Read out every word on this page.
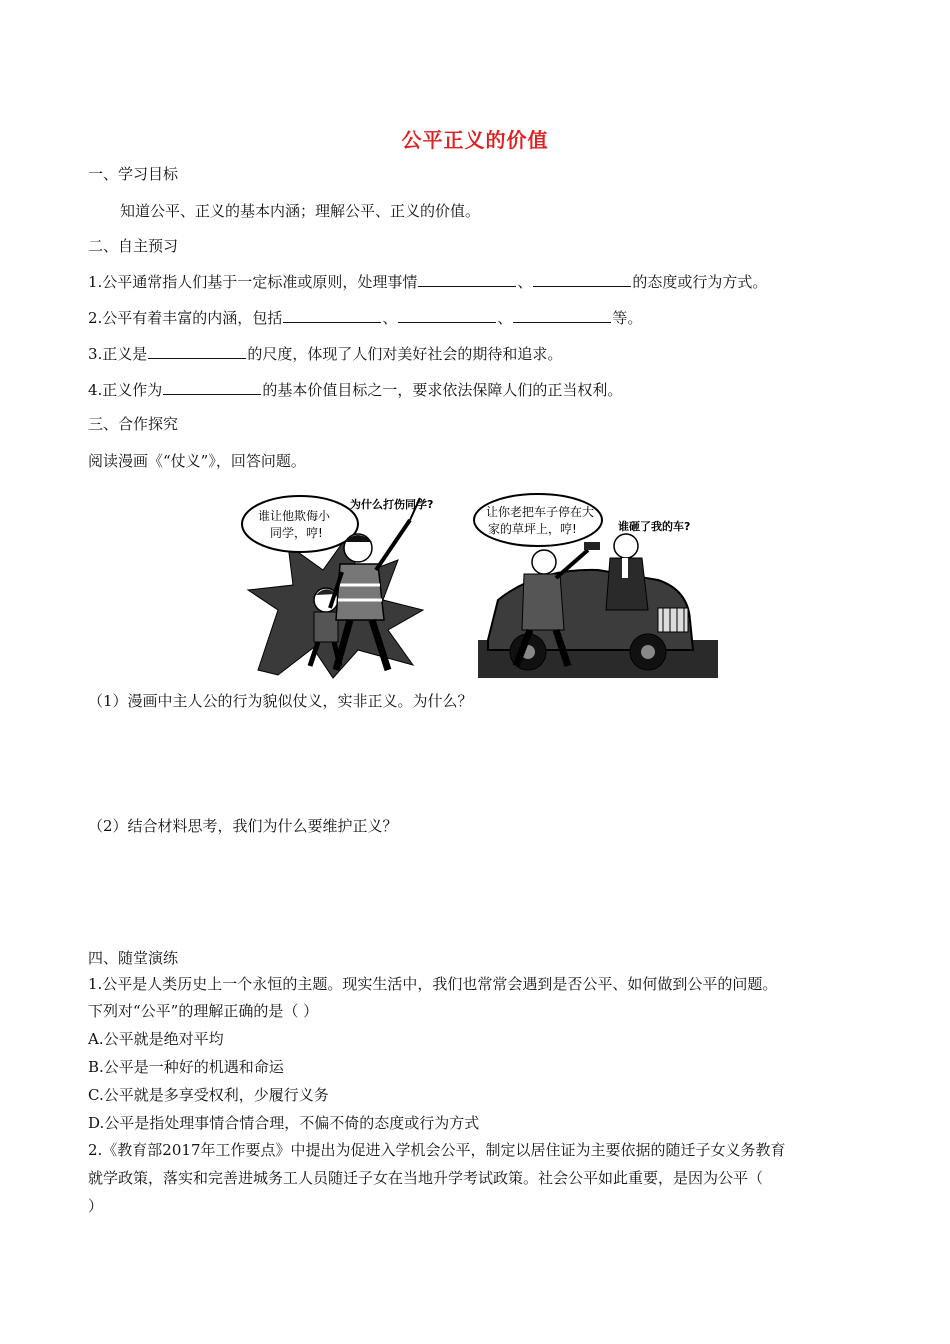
公平正义的价值
一、学习目标
知道公平、正义的基本内涵；理解公平、正义的价值。
二、自主预习
1.公平通常指人们基于一定标准或原则，处理事情	、	的态度或行为方式。
2.公平有着丰富的内涵，包括	、	、	等。
3.正义是	的尺度，体现了人们对美好社会的期待和追求。
4.正义作为	的基本价值目标之一，要求依法保障人们的正当权利。
三、合作探究
阅读漫画《“仗义”》，回答问题。
谁让他欺侮小
同学，哼!
为什么打伤同学?
让你老把车子停在大
家的草坪上，哼!	谁砸了我的车?
（1）漫画中主人公的行为貌似仗义，实非正义。为什么？
（2）结合材料思考，我们为什么要维护正义？
四、随堂演练
1.公平是人类历史上一个永恒的主题。现实生活中，我们也常常会遇到是否公平、如何做到公平的问题。
下列对“公平”的理解正确的是（ ）
A.公平就是绝对平均
B.公平是一种好的机遇和命运
C.公平就是多享受权利，少履行义务
D.公平是指处理事情合情合理，不偏不倚的态度或行为方式
2.《教育部2017年工作要点》中提出为促进入学机会公平，制定以居住证为主要依据的随迁子女义务教育
就学政策，落实和完善进城务工人员随迁子女在当地升学考试政策。社会公平如此重要，是因为公平（
）
